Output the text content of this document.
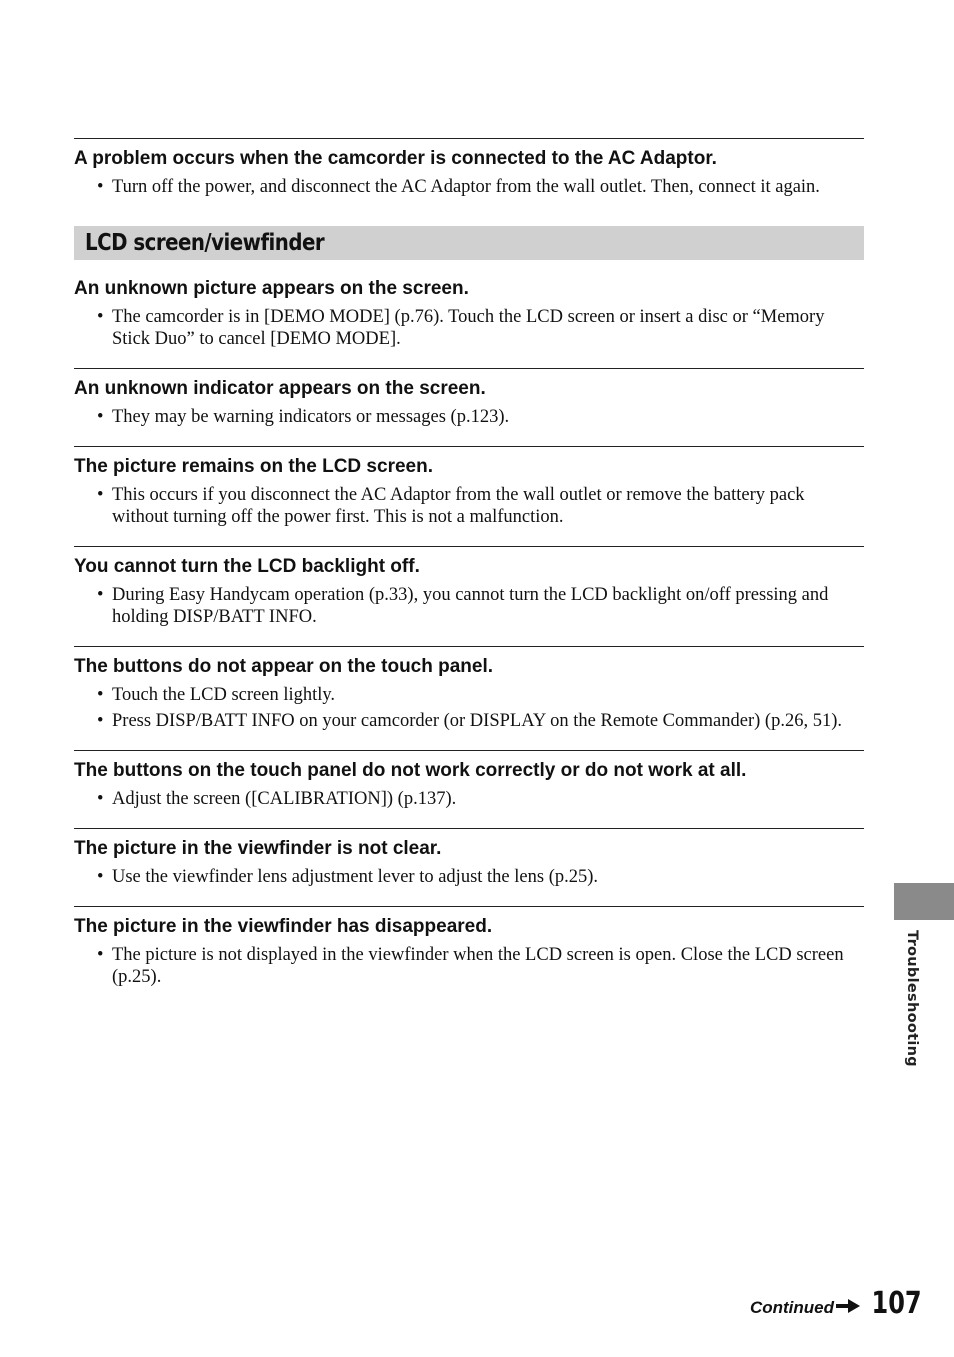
A problem occurs when the camcorder is connected to the AC Adaptor.

• Turn off the power, and disconnect the AC Adaptor from the wall outlet. Then, connect it again.
LCD screen/viewfinder

An unknown picture appears on the screen.

• The camcorder is in [DEMO MODE] (p.76). Touch the LCD screen or insert a disc or “Memory Stick Duo” to cancel [DEMO MODE].

An unknown indicator appears on the screen.

• They may be warning indicators or messages (p.123).

The picture remains on the LCD screen.

• This occurs if you disconnect the AC Adaptor from the wall outlet or remove the battery pack without turning off the power first. This is not a malfunction.

You cannot turn the LCD backlight off.

• During Easy Handycam operation (p.33), you cannot turn the LCD backlight on/off pressing and holding DISP/BATT INFO.

The buttons do not appear on the touch panel.

• Touch the LCD screen lightly.
• Press DISP/BATT INFO on your camcorder (or DISPLAY on the Remote Commander) (p.26, 51).

The buttons on the touch panel do not work correctly or do not work at all.

• Adjust the screen ([CALIBRATION]) (p.137).

The picture in the viewfinder is not clear.

• Use the viewfinder lens adjustment lever to adjust the lens (p.25).

The picture in the viewfinder has disappeared.

• The picture is not displayed in the viewfinder when the LCD screen is open. Close the LCD screen (p.25).	Troubleshooting
Continued 107
